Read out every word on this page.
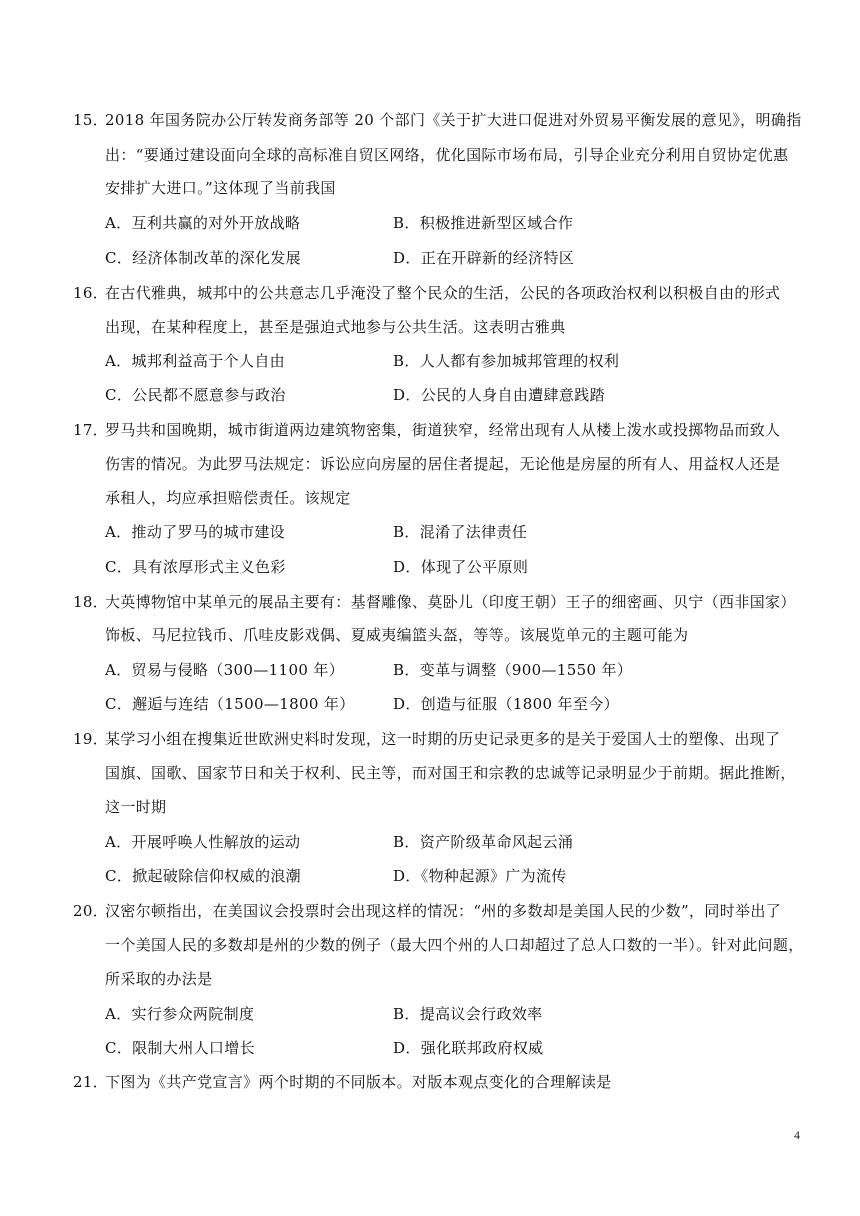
15．
2018 年国务院办公厅转发商务部等 20 个部门《关于扩大进口促进对外贸易平衡发展的意见》，明确指
出：“要通过建设面向全球的高标准自贸区网络，优化国际市场布局，引导企业充分利用自贸协定优惠
安排扩大进口。”这体现了当前我国
A．互利共赢的对外开放战略	B．积极推进新型区域合作
C．经济体制改革的深化发展	D．正在开辟新的经济特区
16．
在古代雅典，城邦中的公共意志几乎淹没了整个民众的生活，公民的各项政治权利以积极自由的形式
出现，在某种程度上，甚至是强迫式地参与公共生活。这表明古雅典
A．城邦利益高于个人自由	B．人人都有参加城邦管理的权利
C．公民都不愿意参与政治	D．公民的人身自由遭肆意践踏
17．
罗马共和国晚期，城市街道两边建筑物密集，街道狭窄，经常出现有人从楼上泼水或投掷物品而致人
伤害的情况。为此罗马法规定：诉讼应向房屋的居住者提起，无论他是房屋的所有人、用益权人还是
承租人，均应承担赔偿责任。该规定
A．推动了罗马的城市建设	B．混淆了法律责任
C．具有浓厚形式主义色彩	D．体现了公平原则
18．
大英博物馆中某单元的展品主要有：基督雕像、莫卧儿（印度王朝）王子的细密画、贝宁（西非国家）
饰板、马尼拉钱币、爪哇皮影戏偶、夏威夷编篮头盔，等等。该展览单元的主题可能为
A．贸易与侵略（300—1100 年）	B．变革与调整（900—1550 年）
C．邂逅与连结（1500—1800 年）	D．创造与征服（1800 年至今）
19．
某学习小组在搜集近世欧洲史料时发现，这一时期的历史记录更多的是关于爱国人士的塑像、出现了
国旗、国歌、国家节日和关于权利、民主等，而对国王和宗教的忠诚等记录明显少于前期。据此推断，
这一时期
A．开展呼唤人性解放的运动	B．资产阶级革命风起云涌
C．掀起破除信仰权威的浪潮	D．《物种起源》广为流传
20．
汉密尔顿指出，在美国议会投票时会出现这样的情况：“州的多数却是美国人民的少数”，同时举出了
一个美国人民的多数却是州的少数的例子（最大四个州的人口却超过了总人口数的一半）。针对此问题，
所采取的办法是
A．实行参众两院制度	B．提高议会行政效率
C．限制大州人口增长	D．强化联邦政府权威
21．
下图为《共产党宣言》两个时期的不同版本。对版本观点变化的合理解读是
4
